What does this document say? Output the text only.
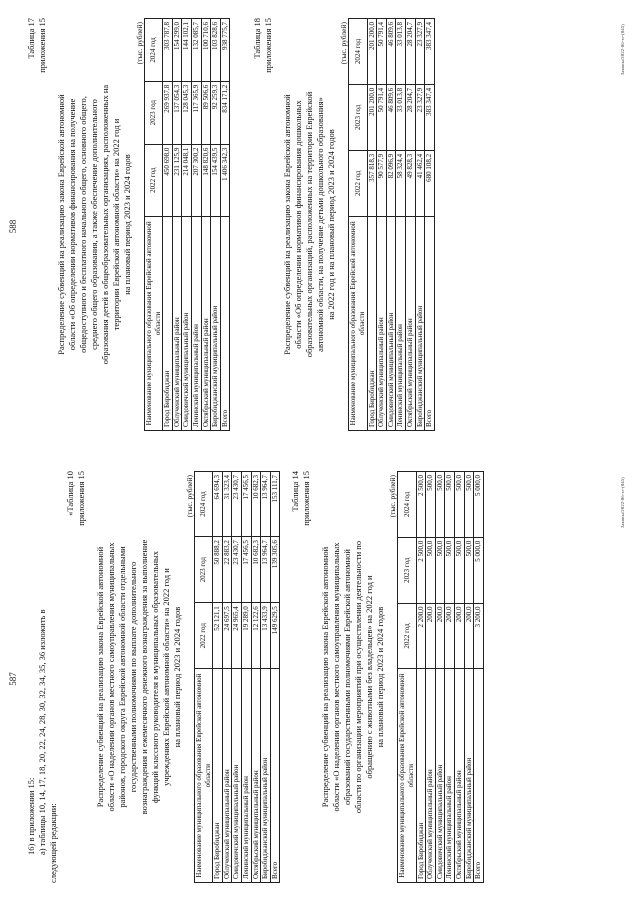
587

16) в приложении 15: а) таблицы 10, 14, 17, 18, 20, 22, 24, 28, 30, 32, 34, 35, 36 изложить в следующей редакции:

«Таблица 10 приложения 15
Распределение субвенций на реализацию закона Еврейской автономной области «О наделении органов местного самоуправления муниципальных районов, городского округа Еврейской автономной области отдельными государственными полномочиями по выплате дополнительного вознаграждения и ежемесячного денежного вознаграждения за выполнение функций классного руководителя в муниципальных образовательных учреждениях Еврейской автономной области» на 2022 год и на плановый период 2023 и 2024 годов
(тыс. рублей)
Наименование муниципального образования Еврейской автономной области	2022 год	2023 год	2024 год
Город Биробиджан	52 121,1	50 888,2	64 694,3
Облученский муниципальный район	24 697,5	22 883,2	31 323,4
Смидовичский муниципальный район	24 965,4	23 430,7	23 430,7
Ленинский муниципальный район	19 289,0	17 456,5	17 456,5
Октябрьский муниципальный район	12 122,6	10 682,3	10 682,3
Биробиджанский муниципальный район	13 433,9	13 964,7	13 964,7
Всего	149 629,5	139 305,6	153 111,7 Таблица 14 приложения 15
Распределение субвенций на реализацию закона Еврейской автономной области «О наделении органов местного самоуправления муниципальных образований государственными полномочиями Еврейской автономной области по организации мероприятий при осуществлении деятельности по обращению с животными без владельцев» на 2022 год и на плановый период 2023 и 2024 годов
(тыс. рублей)
Наименование муниципального образования Еврейской автономной области	2022 год	2023 год	2024 год
Город Биробиджан	2 200,0	2 500,0	2 500,0
Облученский муниципальный район	200,0	500,0	500,0
Смидовичский муниципальный район	200,0	500,0	500,0
Ленинский муниципальный район	200,0	500,0	500,0
Октябрьский муниципальный район	200,0	500,0	500,0
Биробиджанский муниципальный район	200,0	500,0	500,0
Всего	3 200,0	5 000,0	5 000,0	Законы/2022-06-зг-(045)
588
Таблица 17 приложения 15
Распределение субвенций на реализацию закона Еврейской автономной области «Об определении нормативов финансирования на получение общедоступного и бесплатного начального общего, основного общего, среднего общего образования, а также обеспечение дополнительного образования детей в общеобразовательных организациях, расположенных на территории Еврейской автономной области» на 2022 год и на плановый период 2023 и 2024 годов
(тыс. рублей)
Наименование муниципального образования Еврейской автономной области	2022 год	2023 год	2024 год
Город Биробиджан	450 698,0	269 937,8	303 787,8
Облученский муниципальный район	231 125,9	137 054,3	154 299,0
Смидовичский муниципальный район	214 048,1	128 045,3	144 102,1
Ленинский муниципальный район	207 300,2	117 365,9	132 085,7
Октябрьский муниципальный район	148 820,6	89 506,6	100 710,6
Биробиджанский муниципальный район	154 439,5	92 259,3	103 828,6
Всего	1 406 342,3	834 171,2	938 775,7	Таблица 18 приложения 15
Распределение субвенций на реализацию закона Еврейской автономной области «Об определении нормативов финансирования дошкольных образовательных организаций, расположенных на территории Еврейской автономной области, на получение детьми дошкольного образования» на 2022 год и на плановый период 2023 и 2024 годов
(тыс. рублей)
Наименование муниципального образования Еврейской автономной области	2022 год	2023 год	2024 год
Город Биробиджан	357 818,3	201 200,0	201 200,0
Облученский муниципальный район	90 577,9	50 791,4	50 791,4
Смидовичский муниципальный район	82 096,9	46 809,6	46 809,6
Ленинский муниципальный район	58 324,4	33 013,8	33 013,8
Октябрьский муниципальный район	49 828,3	28 204,7	28 204,7
Биробиджанский муниципальный район	41 462,4	23 327,9	23 327,9
Всего	680 108,2	383 347,4	383 347,4	Законы/2022-06-зг-(045)
